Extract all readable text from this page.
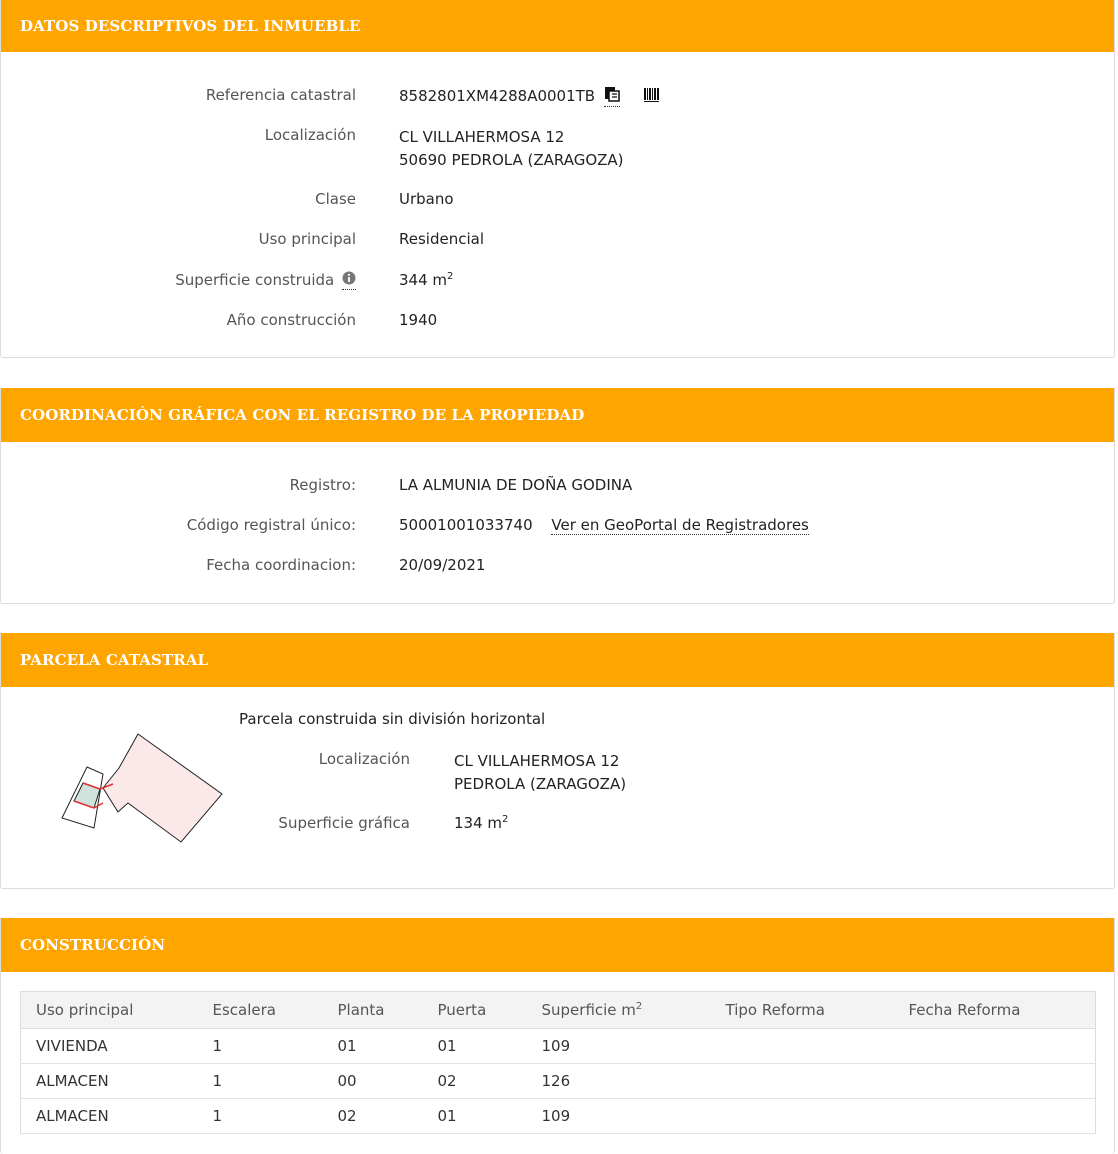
DATOS DESCRIPTIVOS DEL INMUEBLE
Referencia catastral	8582801XM4288A0001TB
Localización	CL VILLAHERMOSA 12
50690 PEDROLA (ZARAGOZA)
Clase	Urbano
Uso principal	Residencial
Superficie construida	344 $m^2$
Año construcción	1940
COORDINACIÓN GRÁFICA CON EL REGISTRO DE LA PROPIEDAD
Registro:	LA ALMUNIA DE DOÑA GODINA
Código registral único:	50001001033740 Ver en GeoPortal de Registradores
Fecha coordinacion:	20/09/2021
PARCELA CATASTRAL
Parcela construida sin división horizontal
Localización	CL VILLAHERMOSA 12
PEDROLA (ZARAGOZA)
Superficie gráfica	134 $m^2$
CONSTRUCCIÓN
Uso principal	Escalera	Planta	Puerta	Superficie $m^2$	Tipo Reforma	Fecha Reforma
VIVIENDA	1	01	01	109		
ALMACEN	1	00	02	126		
ALMACEN	1	02	01	109		
